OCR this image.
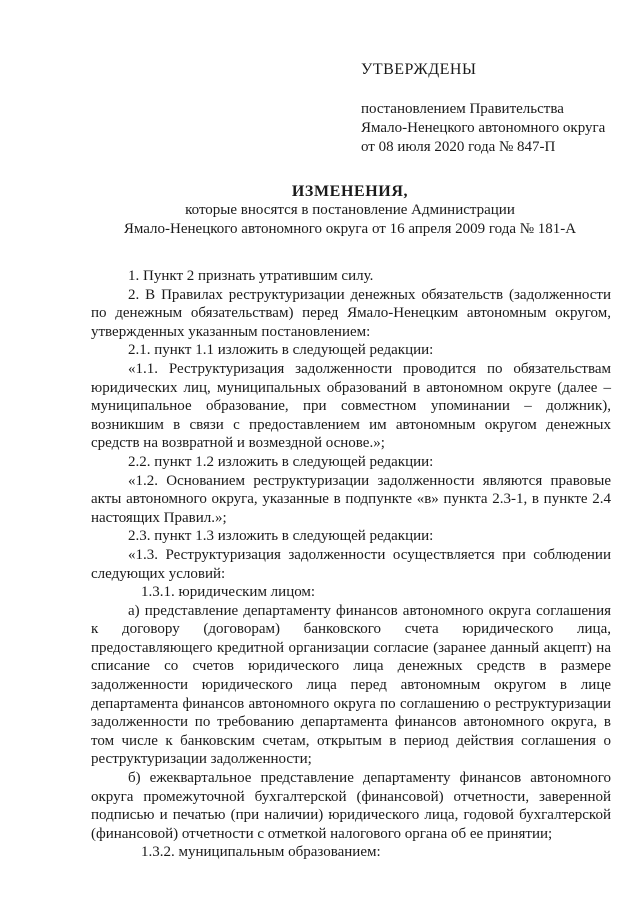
УТВЕРЖДЕНЫ

постановлением Правительства

Ямало-Ненецкого автономного округа

от 08 июля 2020 года № 847-П

ИЗМЕНЕНИЯ,

которые вносятся в постановление Администрации

Ямало-Ненецкого автономного округа от 16 апреля 2009 года № 181-А

1. Пункт 2 признать утратившим силу.

2. В Правилах реструктуризации денежных обязательств (задолженности по денежным обязательствам) перед Ямало-Ненецким автономным округом, утвержденных указанным постановлением:

2.1. пункт 1.1 изложить в следующей редакции:

«1.1. Реструктуризация задолженности проводится по обязательствам юридических лиц, муниципальных образований в автономном округе (далее – муниципальное образование, при совместном упоминании – должник), возникшим в связи с предоставлением им автономным округом денежных средств на возвратной и возмездной основе.»;

2.2. пункт 1.2 изложить в следующей редакции:

«1.2. Основанием реструктуризации задолженности являются правовые акты автономного округа, указанные в подпункте «в» пункта 2.3-1, в пункте 2.4 настоящих Правил.»;

2.3. пункт 1.3 изложить в следующей редакции:

«1.3. Реструктуризация задолженности осуществляется при соблюдении следующих условий:

1.3.1. юридическим лицом:

а) представление департаменту финансов автономного округа соглашения к договору (договорам) банковского счета юридического лица, предоставляющего кредитной организации согласие (заранее данный акцепт) на списание со счетов юридического лица денежных средств в размере задолженности юридического лица перед автономным округом в лице департамента финансов автономного округа по соглашению о реструктуризации задолженности по требованию департамента финансов автономного округа, в том числе к банковским счетам, открытым в период действия соглашения о реструктуризации задолженности;

б) ежеквартальное представление департаменту финансов автономного округа промежуточной бухгалтерской (финансовой) отчетности, заверенной подписью и печатью (при наличии) юридического лица, годовой бухгалтерской (финансовой) отчетности с отметкой налогового органа об ее принятии;

1.3.2. муниципальным образованием:
